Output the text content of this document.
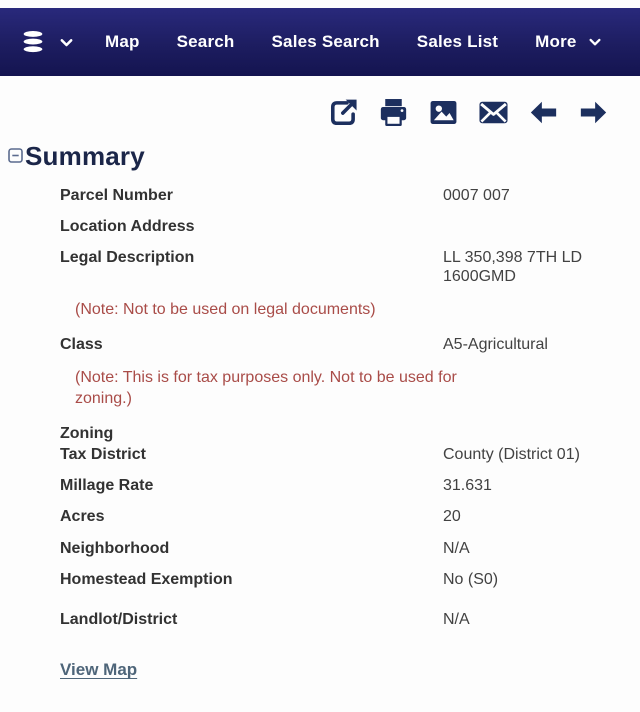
Map Search Sales Search Sales List More
Summary
Parcel Number	0007 007
Location Address
Legal Description	LL 350,398 7TH LD 1600GMD
(Note: Not to be used on legal documents)
Class	A5-Agricultural
(Note: This is for tax purposes only. Not to be used for zoning.)
Zoning
Tax District	County (District 01)
Millage Rate	31.631
Acres	20
Neighborhood	N/A
Homestead Exemption	No (S0)
Landlot/District	N/A
View Map
